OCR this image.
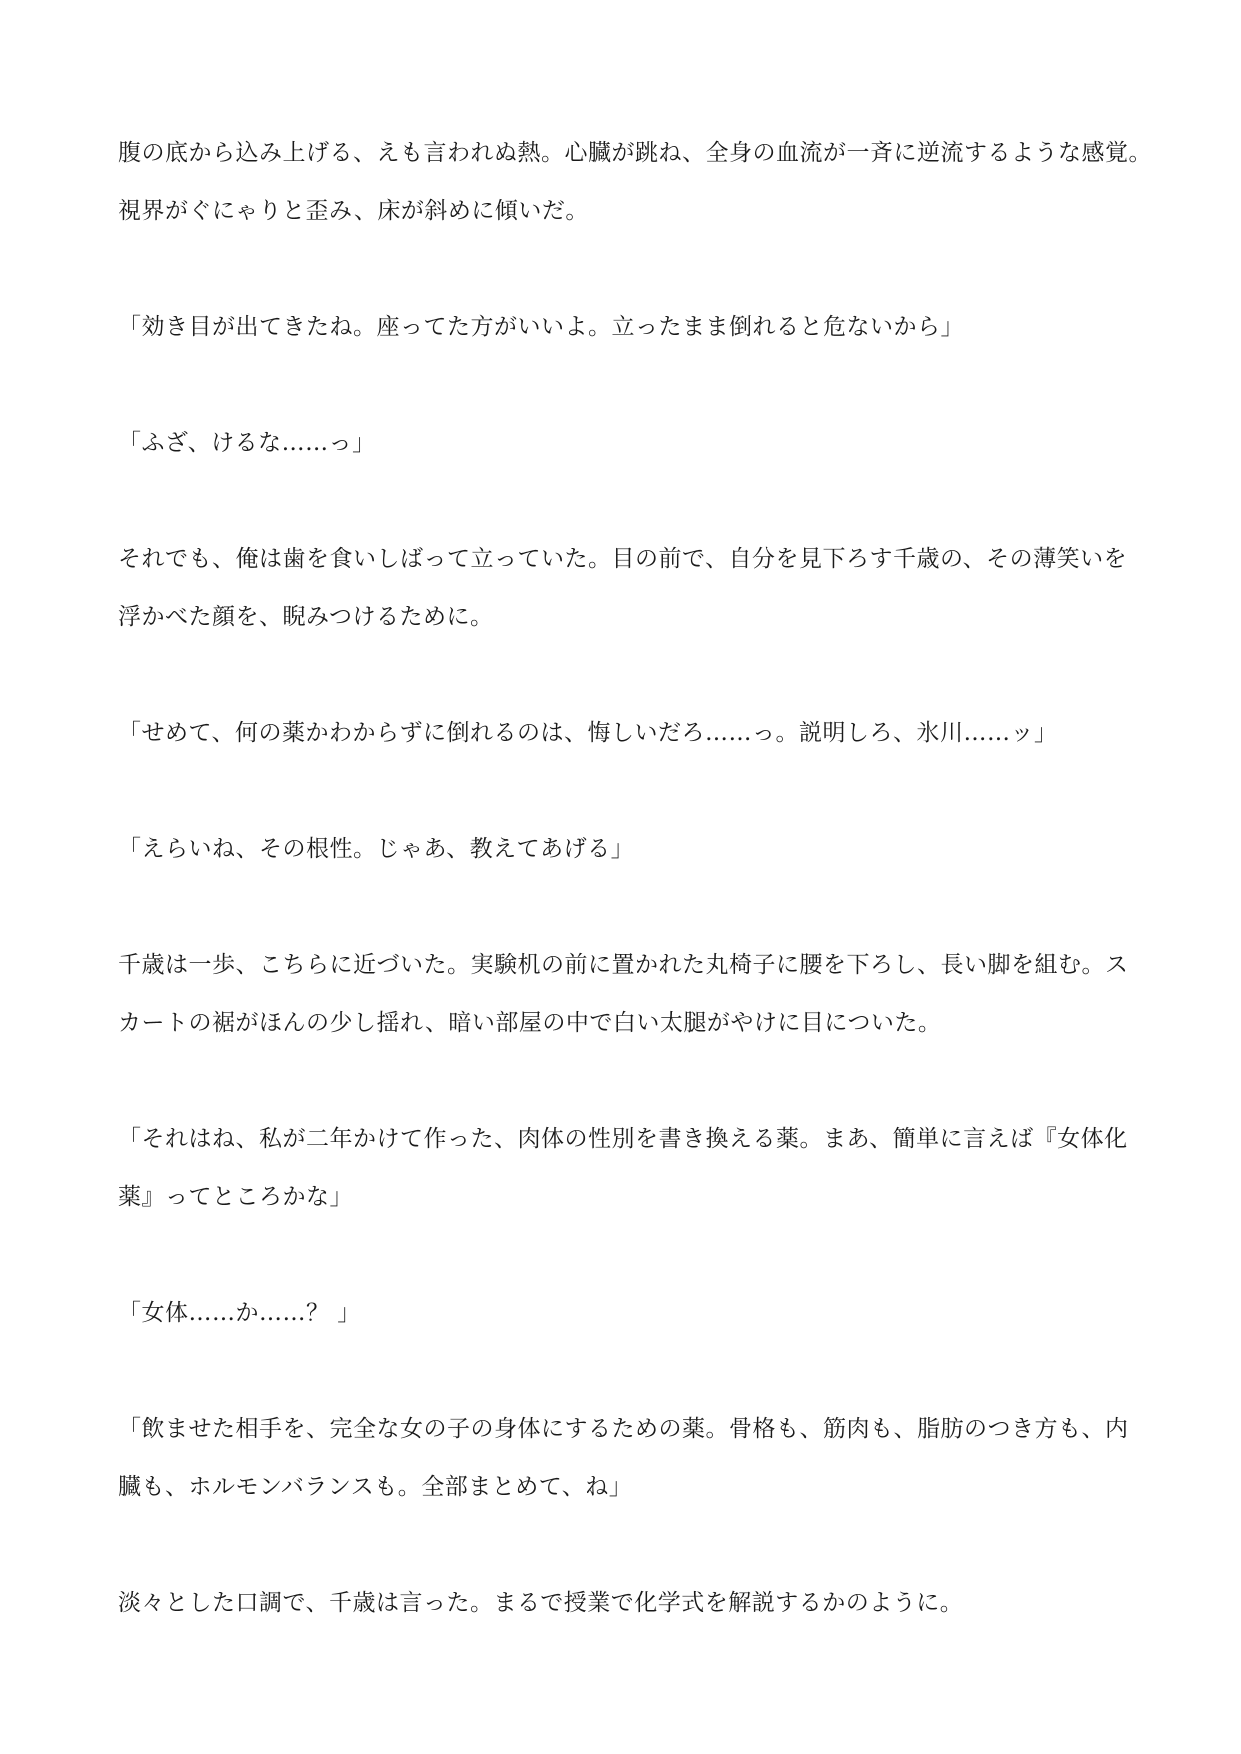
腹の底から込み上げる、えも言われぬ熱。心臓が跳ね、全身の血流が一斉に逆流するような感覚。
視界がぐにゃりと歪み、床が斜めに傾いだ。

「効き目が出てきたね。座ってた方がいいよ。立ったまま倒れると危ないから」

「ふざ、けるな……っ」

それでも、俺は歯を食いしばって立っていた。目の前で、自分を見下ろす千歳の、その薄笑いを
浮かべた顔を、睨みつけるために。

「せめて、何の薬かわからずに倒れるのは、悔しいだろ……っ。説明しろ、氷川……ッ」

「えらいね、その根性。じゃあ、教えてあげる」

千歳は一歩、こちらに近づいた。実験机の前に置かれた丸椅子に腰を下ろし、長い脚を組む。ス
カートの裾がほんの少し揺れ、暗い部屋の中で白い太腿がやけに目についた。

「それはね、私が二年かけて作った、肉体の性別を書き換える薬。まあ、簡単に言えば『女体化
薬』ってところかな」

「女体……か……？ 」

「飲ませた相手を、完全な女の子の身体にするための薬。骨格も、筋肉も、脂肪のつき方も、内
臓も、ホルモンバランスも。全部まとめて、ね」

淡々とした口調で、千歳は言った。まるで授業で化学式を解説するかのように。
